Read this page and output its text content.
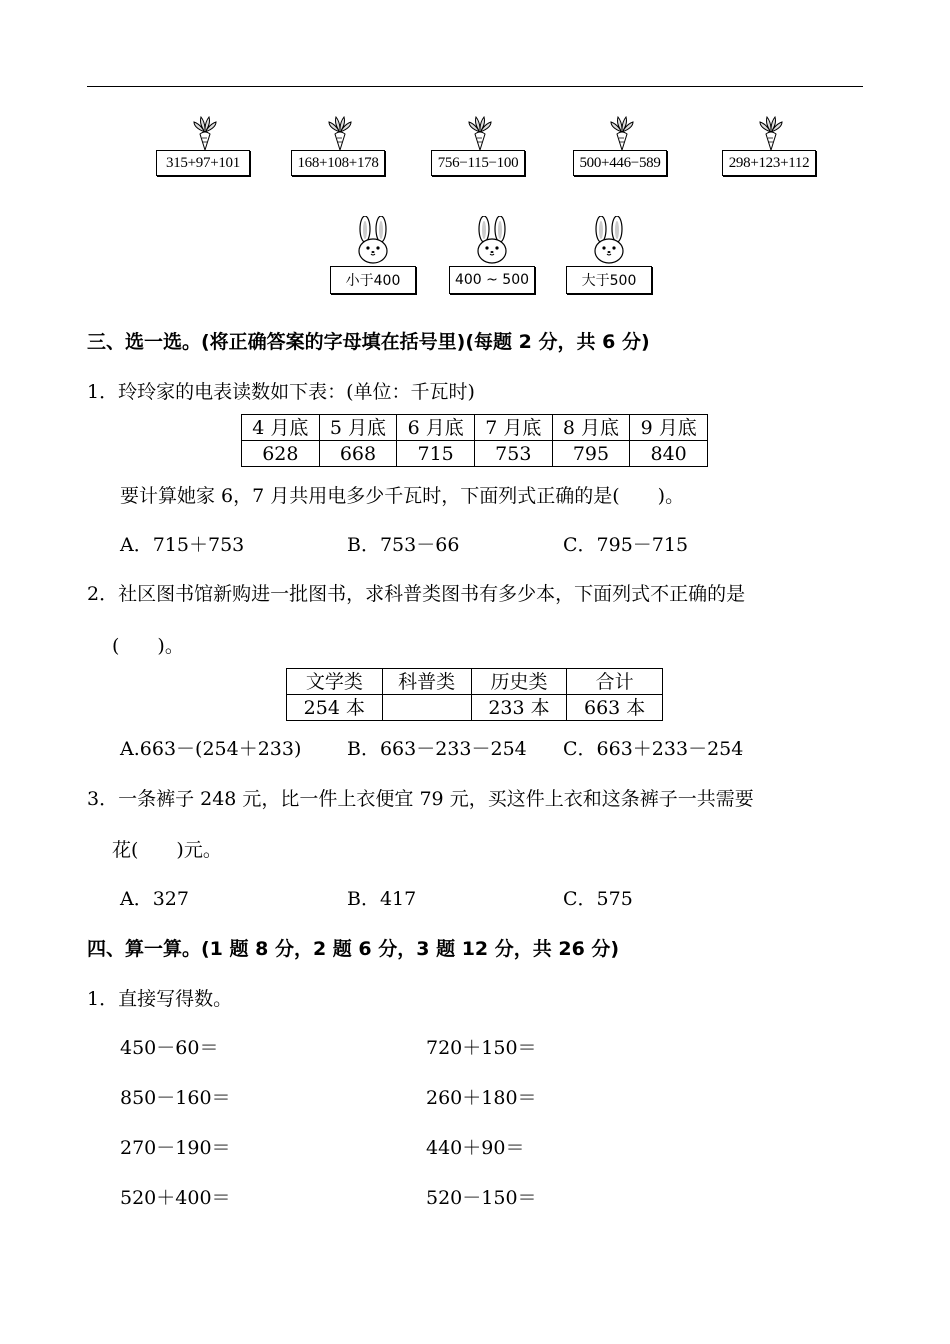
315+97+101	168+108+178	756−115−100	500+446−589	298+123+112
小于400	400 ~ 500	大于500
三、选一选。(将正确答案的字母填在括号里)(每题 2 分，共 6 分)
1．玲玲家的电表读数如下表：(单位：千瓦时)
4 月底	5 月底	6 月底	7 月底	8 月底	9 月底
628	668	715	753	795	840
要计算她家 6，7 月共用电多少千瓦时，下面列式正确的是(　　)。
A．715＋753	B．753－66	C．795－715
2．社区图书馆新购进一批图书，求科普类图书有多少本，下面列式不正确的是
(　　)。
文学类	科普类	历史类	合计
254 本		233 本	663 本
A.663－(254＋233) B．663－233－254 C．663＋233－254
3．一条裤子 248 元，比一件上衣便宜 79 元，买这件上衣和这条裤子一共需要
花(　　)元。
A．327	B．417	C．575
四、算一算。(1 题 8 分，2 题 6 分，3 题 12 分，共 26 分)
1．直接写得数。
450－60＝	720＋150＝
850－160＝	260＋180＝
270－190＝	440＋90＝
520＋400＝	520－150＝
